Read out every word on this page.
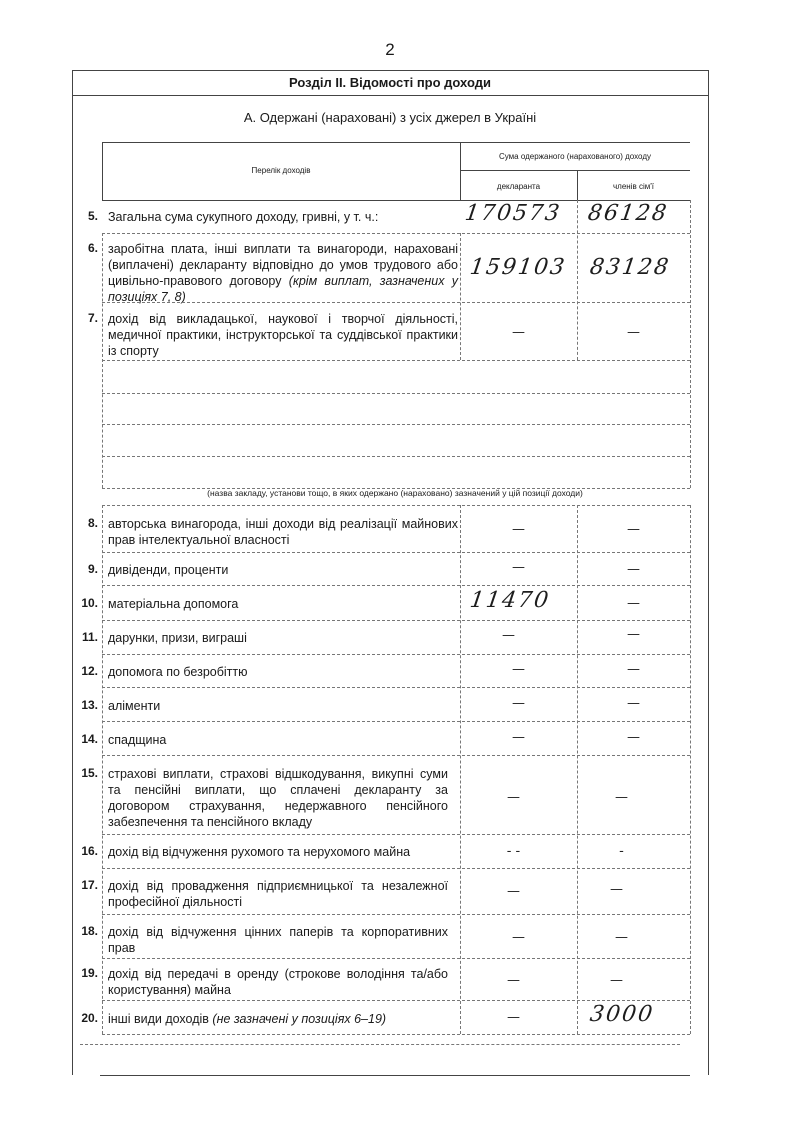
2
Розділ ІІ. Відомості про доходи
А. Одержані (нараховані) з усіх джерел в Україні
Перелік доходів
Сума одержаного (нарахованого) доходу
декларанта	членів сім'ї
5. Загальна сума сукупного доходу, гривні, у т. ч.:	170573 86128
6. заробітна плата, інші виплати та винагороди, нараховані (виплачені) декларанту відповідно до умов трудового або цивільно-правового договору (крім виплат, зазначених у позиціях 7, 8)
159103 83128
7. дохід від викладацької, наукової і творчої діяльності, медичної практики, інструкторської та суддівської практики із спорту
—	—
(назва закладу, установи тощо, в яких одержано (нараховано) зазначений у цій позиції доходи)
8. авторська винагорода, інші доходи від реалізації майнових прав інтелектуальної власності
—	—
9. дивіденди, проценти	—	—
10. матеріальна допомога	11470	—
11. дарунки, призи, виграші	—	—
12. допомога по безробіттю	—	—
13. аліменти	—	—
14. спадщина	—	—
15. страхові виплати, страхові відшкодування, викупні суми та пенсійні виплати, що сплачені декларанту за договором страхування, недержавного пенсійного забезпечення та пенсійного вкладу
—	—
16. дохід від відчуження рухомого та нерухомого майна	- -	-
17. дохід від провадження підприємницької та незалежної професійної діяльності
—	—
18. дохід від відчуження цінних паперів та корпоративних прав
—	—
19. дохід від передачі в оренду (строкове володіння та/або користування) майна
—	—
20. інші види доходів (не зазначені у позиціях 6–19)	—	3000
